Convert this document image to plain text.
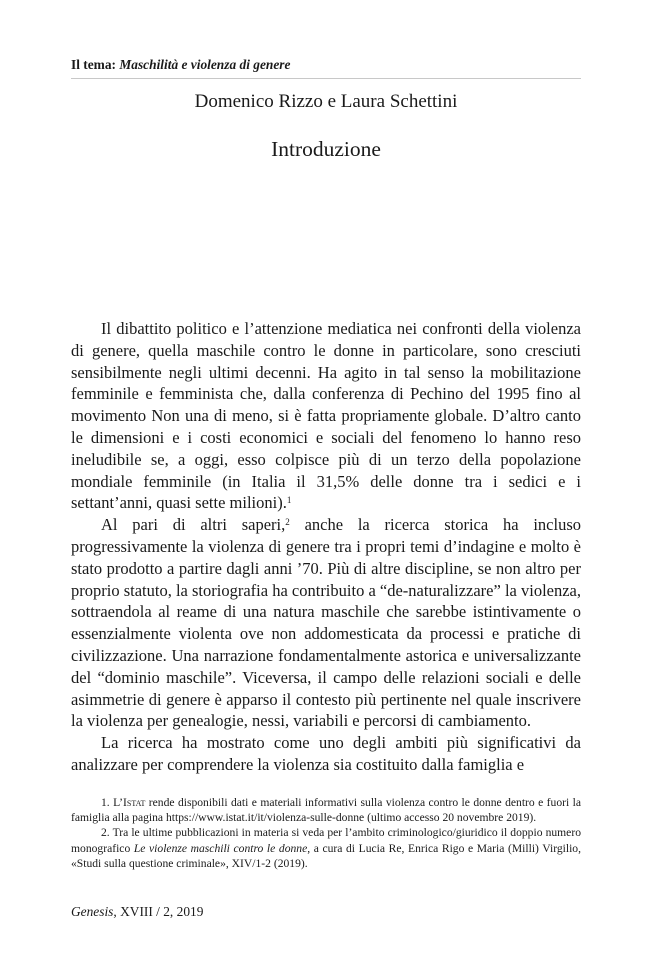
Il tema: Maschilità e violenza di genere
Domenico Rizzo e Laura Schettini
Introduzione

Il dibattito politico e l’attenzione mediatica nei confronti della violenza di genere, quella maschile contro le donne in particolare, sono cresciuti sensibilmente negli ultimi decenni. Ha agito in tal senso la mobilitazione femminile e femminista che, dalla conferenza di Pechino del 1995 fino al movimento Non una di meno, si è fatta propriamente globale. D’altro canto le dimensioni e i costi economici e sociali del fenomeno lo hanno reso ineludibile se, a oggi, esso colpisce più di un terzo della popolazione mondiale femminile (in Italia il 31,5% delle donne tra i sedici e i settant’anni, quasi sette milioni).$^1$

Al pari di altri saperi,$^2$ anche la ricerca storica ha incluso progressivamente la violenza di genere tra i propri temi d’indagine e molto è stato prodotto a partire dagli anni ’70. Più di altre discipline, se non altro per proprio statuto, la storiografia ha contribuito a “de-naturalizzare” la violenza, sottraendola al reame di una natura maschile che sarebbe istintivamente o essenzialmente violenta ove non addomesticata da processi e pratiche di civilizzazione. Una narrazione fondamentalmente astorica e universalizzante del “dominio maschile”. Viceversa, il campo delle relazioni sociali e delle asimmetrie di genere è apparso il contesto più pertinente nel quale inscrivere la violenza per genealogie, nessi, variabili e percorsi di cambiamento.

La ricerca ha mostrato come uno degli ambiti più significativi da analizzare per comprendere la violenza sia costituito dalla famiglia e

1. L’Istat rende disponibili dati e materiali informativi sulla violenza contro le donne dentro e fuori la famiglia alla pagina https://www.istat.it/it/violenza-sulle-donne (ultimo accesso 20 novembre 2019).

2. Tra le ultime pubblicazioni in materia si veda per l’ambito criminologico/giuridico il doppio numero monografico Le violenze maschili contro le donne, a cura di Lucia Re, Enrica Rigo e Maria (Milli) Virgilio, «Studi sulla questione criminale», XIV/1-2 (2019).

Genesis, XVIII / 2, 2019
